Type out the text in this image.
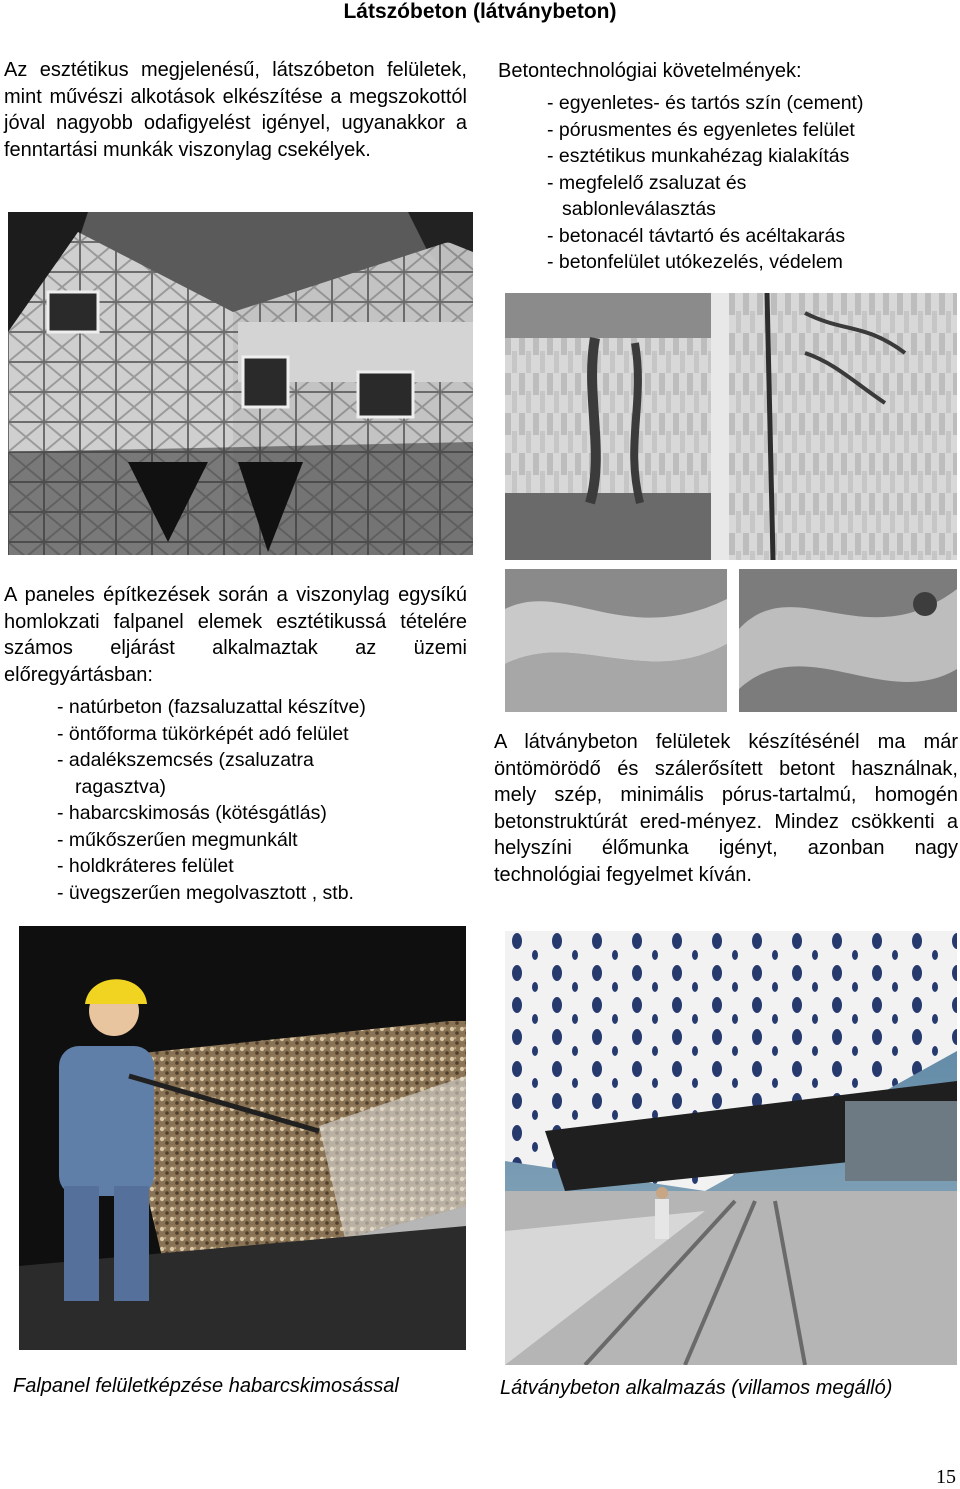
Látszóbeton (látványbeton)
Az esztétikus megjelenésű, látszóbeton felületek, mint művészi alkotások elkészítése a megszokottól jóval nagyobb odafigyelést igényel, ugyanakkor a fenntartási munkák viszonylag csekélyek.
Betontechnológiai követelmények:
- egyenletes- és tartós szín (cement)
- pórusmentes és egyenletes felület
- esztétikus munkahézag kialakítás
- megfelelő zsaluzat és
sablonleválasztás
- betonacél távtartó és acéltakarás
- betonfelület utókezelés, védelem
A paneles építkezések során a viszonylag egysíkú homlokzati falpanel elemek esztétikussá tételére számos eljárást alkalmaztak az üzemi előregyártásban:
- natúrbeton (fazsaluzattal készítve)
- öntőforma tükörképét adó felület
- adalékszemcsés (zsaluzatra
ragasztva)
- habarcskimosás (kötésgátlás)
- műkőszerűen megmunkált
- holdkráteres felület
- üvegszerűen megolvasztott , stb.
A látványbeton felületek készítésénél ma már öntömörödő és szálerősített betont használnak, mely szép, minimális pórus-tartalmú, homogén betonstruktúrát ered-ményez. Mindez csökkenti a helyszíni élőmunka igényt, azonban nagy technológiai fegyelmet kíván.
Falpanel felületképzése habarcskimosással	Látványbeton alkalmazás (villamos megálló)
15
